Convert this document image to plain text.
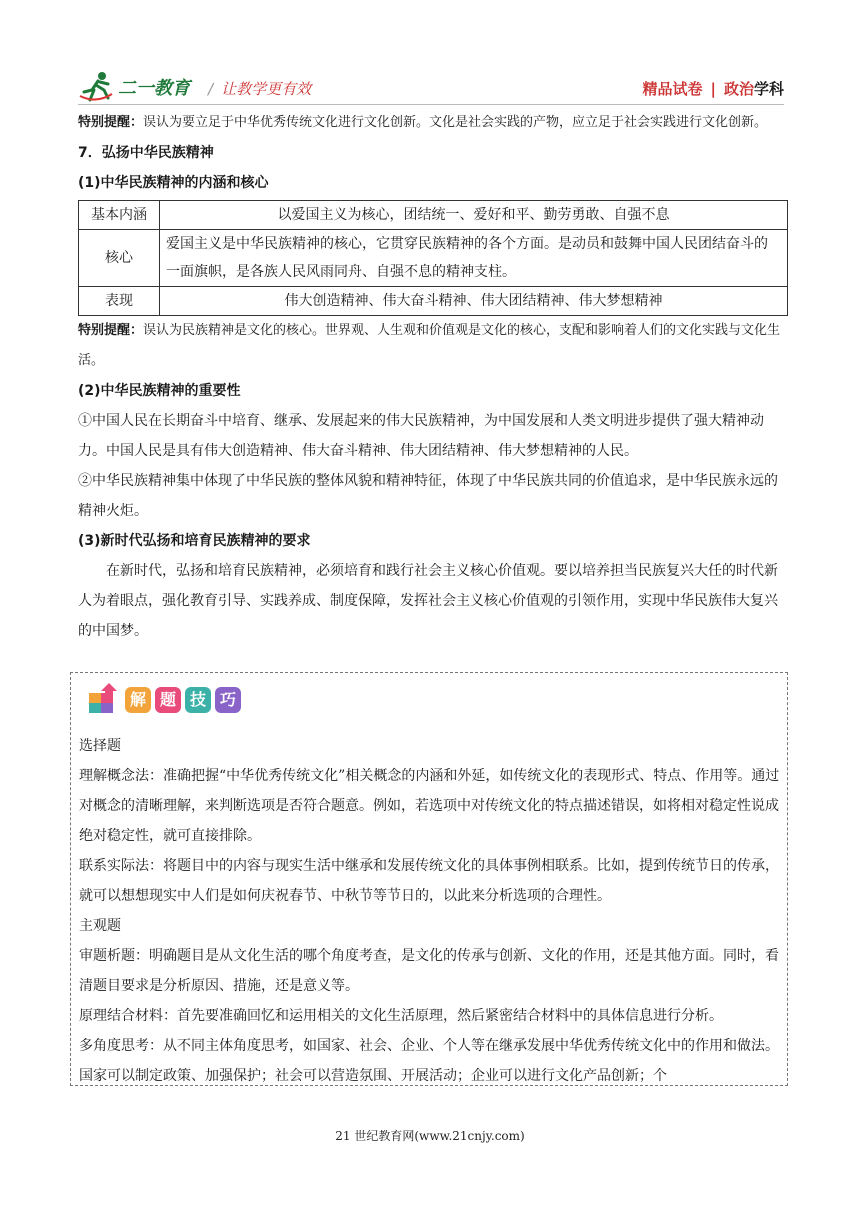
二一教育 / 让教学更有效	精品试卷 | 政治学科

特别提醒：误认为要立足于中华优秀传统文化进行文化创新。文化是社会实践的产物，应立足于社会实践进行文化创新。

7．弘扬中华民族精神

(1)中华民族精神的内涵和核心

基本内涵	以爱国主义为核心，团结统一、爱好和平、勤劳勇敢、自强不息
核心	爱国主义是中华民族精神的核心，它贯穿民族精神的各个方面。是动员和鼓舞中国人民团结奋斗的一面旗帜，是各族人民风雨同舟、自强不息的精神支柱。
表现	伟大创造精神、伟大奋斗精神、伟大团结精神、伟大梦想精神

特别提醒：误认为民族精神是文化的核心。世界观、人生观和价值观是文化的核心，支配和影响着人们的文化实践与文化生活。

(2)中华民族精神的重要性

①中国人民在长期奋斗中培育、继承、发展起来的伟大民族精神，为中国发展和人类文明进步提供了强大精神动力。中国人民是具有伟大创造精神、伟大奋斗精神、伟大团结精神、伟大梦想精神的人民。

②中华民族精神集中体现了中华民族的整体风貌和精神特征，体现了中华民族共同的价值追求，是中华民族永远的精神火炬。

(3)新时代弘扬和培育民族精神的要求

在新时代，弘扬和培育民族精神，必须培育和践行社会主义核心价值观。要以培养担当民族复兴大任的时代新人为着眼点，强化教育引导、实践养成、制度保障，发挥社会主义核心价值观的引领作用，实现中华民族伟大复兴的中国梦。

解 题 技 巧

选择题

理解概念法：准确把握“中华优秀传统文化”相关概念的内涵和外延，如传统文化的表现形式、特点、作用等。通过对概念的清晰理解，来判断选项是否符合题意。例如，若选项中对传统文化的特点描述错误，如将相对稳定性说成绝对稳定性，就可直接排除。

联系实际法：将题目中的内容与现实生活中继承和发展传统文化的具体事例相联系。比如，提到传统节日的传承，就可以想想现实中人们是如何庆祝春节、中秋节等节日的，以此来分析选项的合理性。

主观题

审题析题：明确题目是从文化生活的哪个角度考查，是文化的传承与创新、文化的作用，还是其他方面。同时，看清题目要求是分析原因、措施，还是意义等。

原理结合材料：首先要准确回忆和运用相关的文化生活原理，然后紧密结合材料中的具体信息进行分析。

多角度思考：从不同主体角度思考，如国家、社会、企业、个人等在继承发展中华优秀传统文化中的作用和做法。国家可以制定政策、加强保护；社会可以营造氛围、开展活动；企业可以进行文化产品创新；个

21 世纪教育网(www.21cnjy.com)
